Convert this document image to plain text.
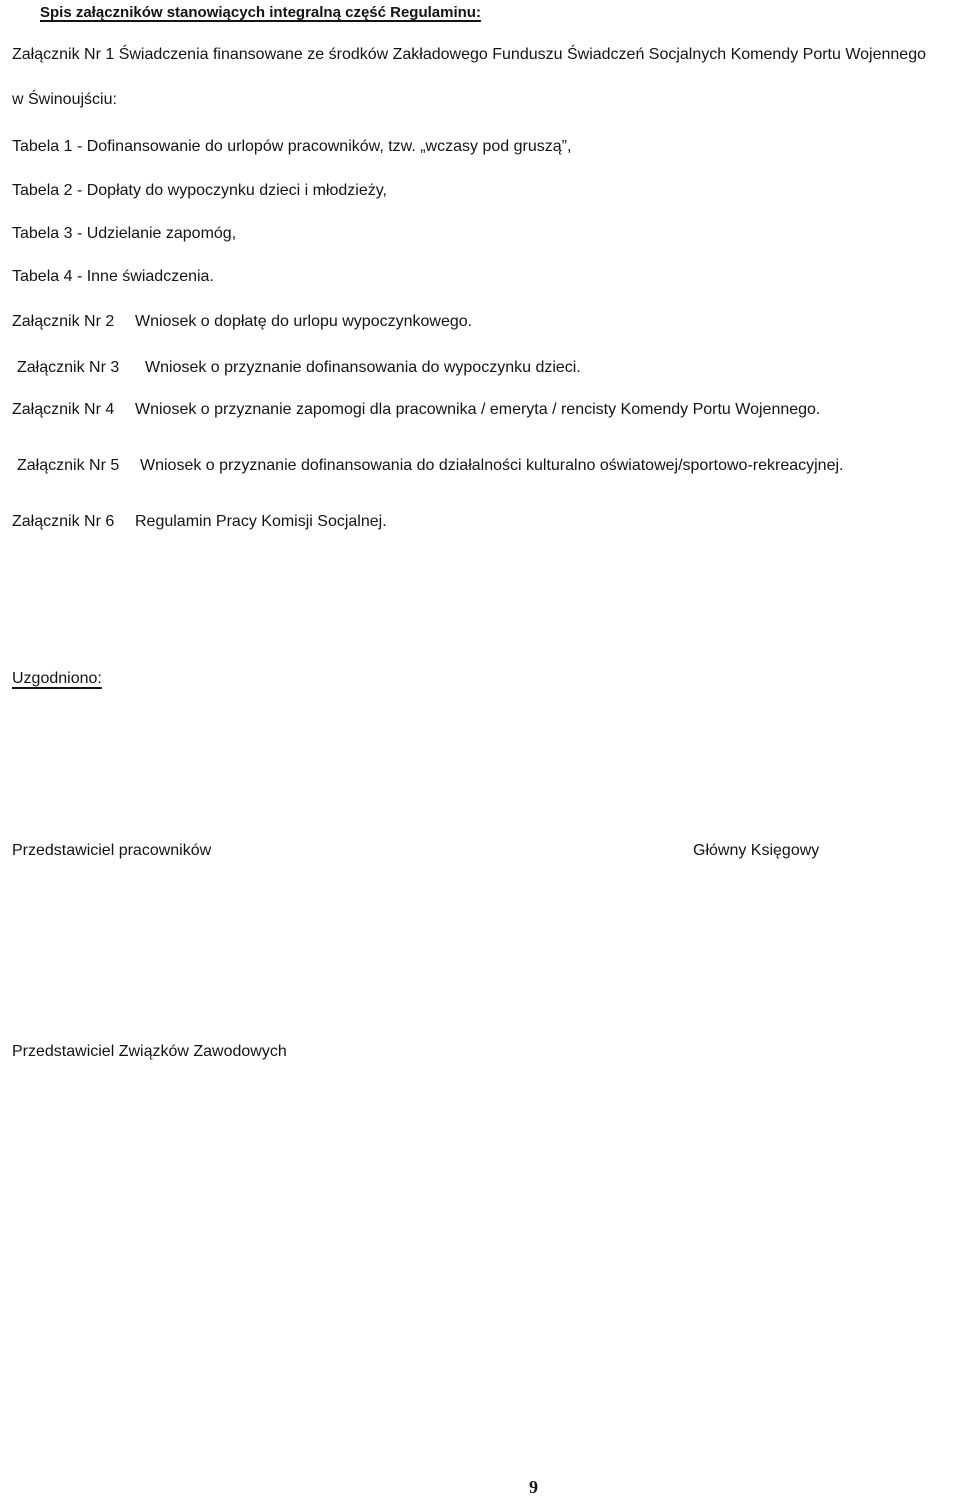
Spis załączników stanowiących integralną część Regulaminu:
Załącznik Nr 1 Świadczenia finansowane ze środków Zakładowego Funduszu Świadczeń Socjalnych Komendy Portu Wojennego
w Świnoujściu:
Tabela 1 - Dofinansowanie do urlopów pracowników, tzw. „wczasy pod gruszą”,
Tabela 2 - Dopłaty do wypoczynku dzieci i młodzieży,
Tabela 3 - Udzielanie zapomóg,
Tabela 4 - Inne świadczenia.
Załącznik Nr 2 Wniosek o dopłatę do urlopu wypoczynkowego.
Załącznik Nr 3 Wniosek o przyznanie dofinansowania do wypoczynku dzieci.
Załącznik Nr 4 Wniosek o przyznanie zapomogi dla pracownika / emeryta / rencisty Komendy Portu Wojennego.
Załącznik Nr 5 Wniosek o przyznanie dofinansowania do działalności kulturalno oświatowej/sportowo-rekreacyjnej.
Załącznik Nr 6 Regulamin Pracy Komisji Socjalnej.
Uzgodniono:
Przedstawiciel pracowników	Główny Księgowy
Przedstawiciel Związków Zawodowych
9
